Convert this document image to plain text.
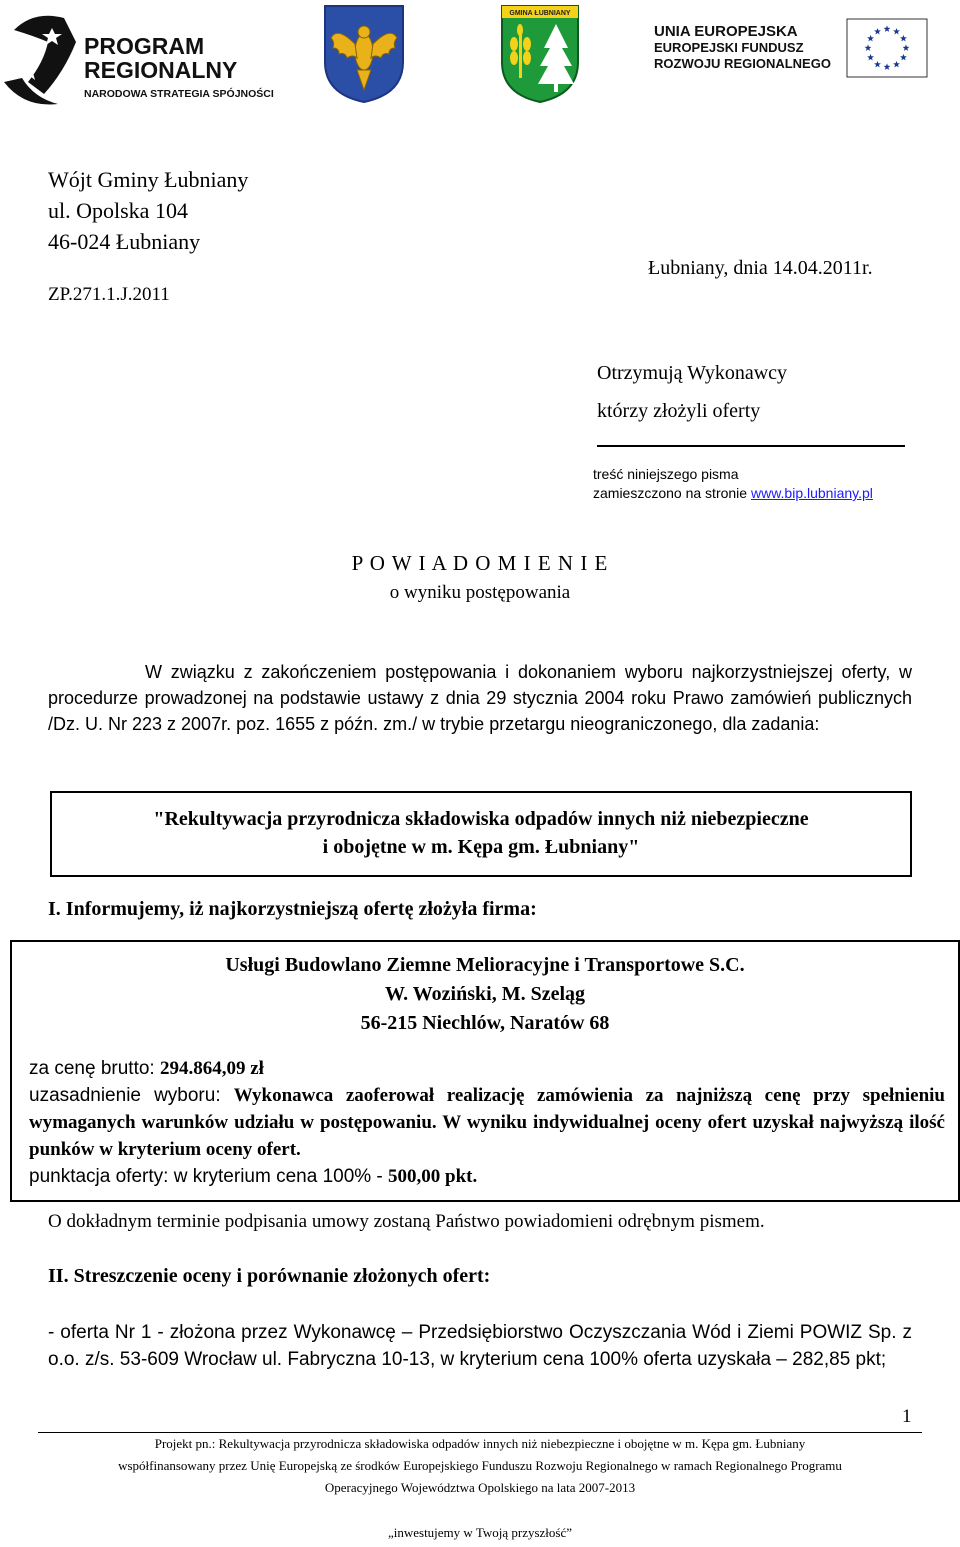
PROGRAM
REGIONALNY
NARODOWA STRATEGIA SPÓJNOŚCI
GMINA ŁUBNIANY
UNIA EUROPEJSKA
EUROPEJSKI FUNDUSZ
ROZWOJU REGIONALNEGO
Wójt Gminy Łubniany
ul. Opolska 104
46-024 Łubniany
ZP.271.1.J.2011
Łubniany, dnia 14.04.2011r.
Otrzymują Wykonawcy
którzy złożyli oferty
treść niniejszego pisma
zamieszczono na stronie www.bip.lubniany.pl
P O W I A D O M I E N I E
o wyniku postępowania
W związku z zakończeniem postępowania i dokonaniem wyboru najkorzystniejszej oferty, w procedurze prowadzonej na podstawie ustawy z dnia 29 stycznia 2004 roku Prawo zamówień publicznych /Dz. U. Nr 223 z 2007r. poz. 1655 z późn. zm./ w trybie przetargu nieograniczonego, dla zadania:
"Rekultywacja przyrodnicza składowiska odpadów innych niż niebezpieczne
i obojętne w m. Kępa gm. Łubniany"
I. Informujemy, iż najkorzystniejszą ofertę złożyła firma:
Usługi Budowlano Ziemne Melioracyjne i Transportowe S.C.
W. Woziński, M. Szeląg
56-215 Niechlów, Naratów 68
za cenę brutto: 294.864,09 zł
uzasadnienie wyboru: Wykonawca zaoferował realizację zamówienia za najniższą cenę przy spełnieniu wymaganych warunków udziału w postępowaniu. W wyniku indywidualnej oceny ofert uzyskał najwyższą ilość punków w kryterium oceny ofert.
punktacja oferty: w kryterium cena 100% - 500,00 pkt.
O dokładnym terminie podpisania umowy zostaną Państwo powiadomieni odrębnym pismem.
II. Streszczenie oceny i porównanie złożonych ofert:
- oferta Nr 1 - złożona przez Wykonawcę – Przedsiębiorstwo Oczyszczania Wód i Ziemi POWIZ Sp. z o.o. z/s. 53-609 Wrocław ul. Fabryczna 10-13, w kryterium cena 100% oferta uzyskała – 282,85 pkt;
1
Projekt pn.: Rekultywacja przyrodnicza składowiska odpadów innych niż niebezpieczne i obojętne w m. Kępa gm. Łubniany
współfinansowany przez Unię Europejską ze środków Europejskiego Funduszu Rozwoju Regionalnego w ramach Regionalnego Programu
Operacyjnego Województwa Opolskiego na lata 2007-2013
„inwestujemy w Twoją przyszłość”
